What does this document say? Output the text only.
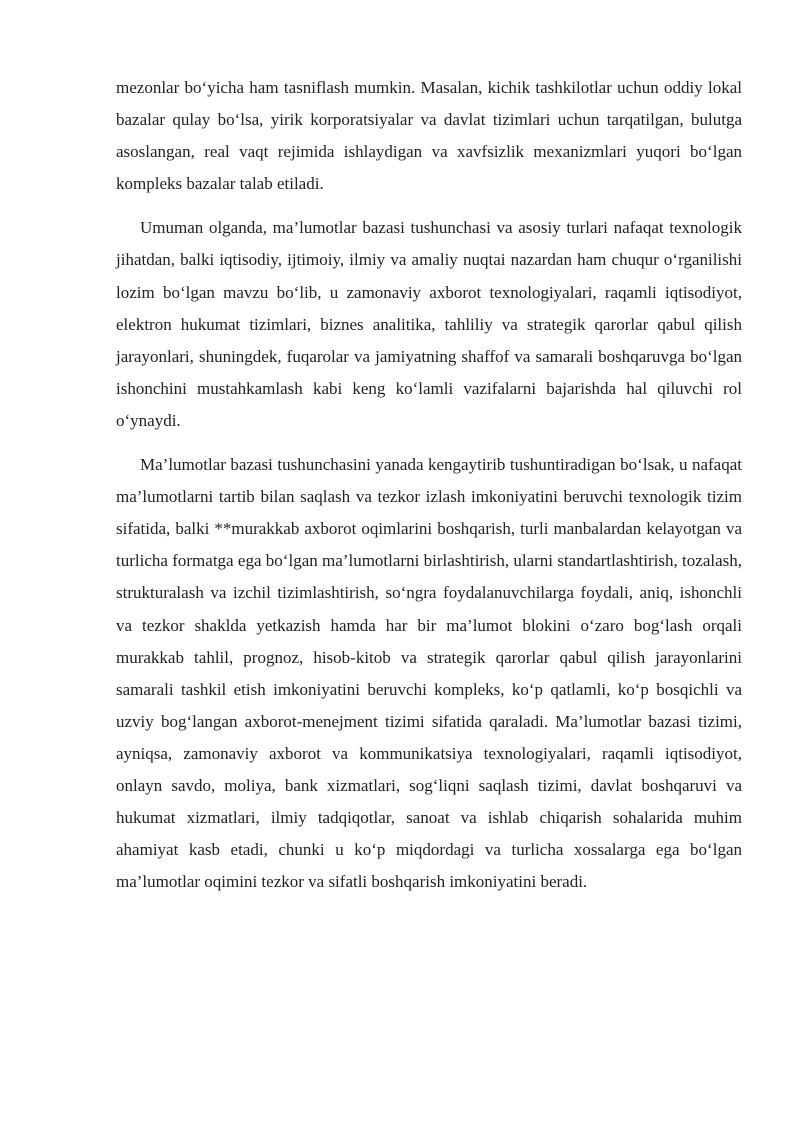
mezonlar bo‘yicha ham tasniflash mumkin. Masalan, kichik tashkilotlar uchun oddiy lokal bazalar qulay bo‘lsa, yirik korporatsiyalar va davlat tizimlari uchun tarqatilgan, bulutga asoslangan, real vaqt rejimida ishlaydigan va xavfsizlik mexanizmlari yuqori bo‘lgan kompleks bazalar talab etiladi.

Umuman olganda, ma’lumotlar bazasi tushunchasi va asosiy turlari nafaqat texnologik jihatdan, balki iqtisodiy, ijtimoiy, ilmiy va amaliy nuqtai nazardan ham chuqur o‘rganilishi lozim bo‘lgan mavzu bo‘lib, u zamonaviy axborot texnologiyalari, raqamli iqtisodiyot, elektron hukumat tizimlari, biznes analitika, tahliliy va strategik qarorlar qabul qilish jarayonlari, shuningdek, fuqarolar va jamiyatning shaffof va samarali boshqaruvga bo‘lgan ishonchini mustahkamlash kabi keng ko‘lamli vazifalarni bajarishda hal qiluvchi rol o‘ynaydi.

Ma’lumotlar bazasi tushunchasini yanada kengaytirib tushuntiradigan bo‘lsak, u nafaqat ma’lumotlarni tartib bilan saqlash va tezkor izlash imkoniyatini beruvchi texnologik tizim sifatida, balki **murakkab axborot oqimlarini boshqarish, turli manbalardan kelayotgan va turlicha formatga ega bo‘lgan ma’lumotlarni birlashtirish, ularni standartlashtirish, tozalash, strukturalash va izchil tizimlashtirish, so‘ngra foydalanuvchilarga foydali, aniq, ishonchli va tezkor shaklda yetkazish hamda har bir ma’lumot blokini o‘zaro bog‘lash orqali murakkab tahlil, prognoz, hisob-kitob va strategik qarorlar qabul qilish jarayonlarini samarali tashkil etish imkoniyatini beruvchi kompleks, ko‘p qatlamli, ko‘p bosqichli va uzviy bog‘langan axborot-menejment tizimi sifatida qaraladi. Ma’lumotlar bazasi tizimi, ayniqsa, zamonaviy axborot va kommunikatsiya texnologiyalari, raqamli iqtisodiyot, onlayn savdo, moliya, bank xizmatlari, sog‘liqni saqlash tizimi, davlat boshqaruvi va hukumat xizmatlari, ilmiy tadqiqotlar, sanoat va ishlab chiqarish sohalarida muhim ahamiyat kasb etadi, chunki u ko‘p miqdordagi va turlicha xossalarga ega bo‘lgan ma’lumotlar oqimini tezkor va sifatli boshqarish imkoniyatini beradi.
